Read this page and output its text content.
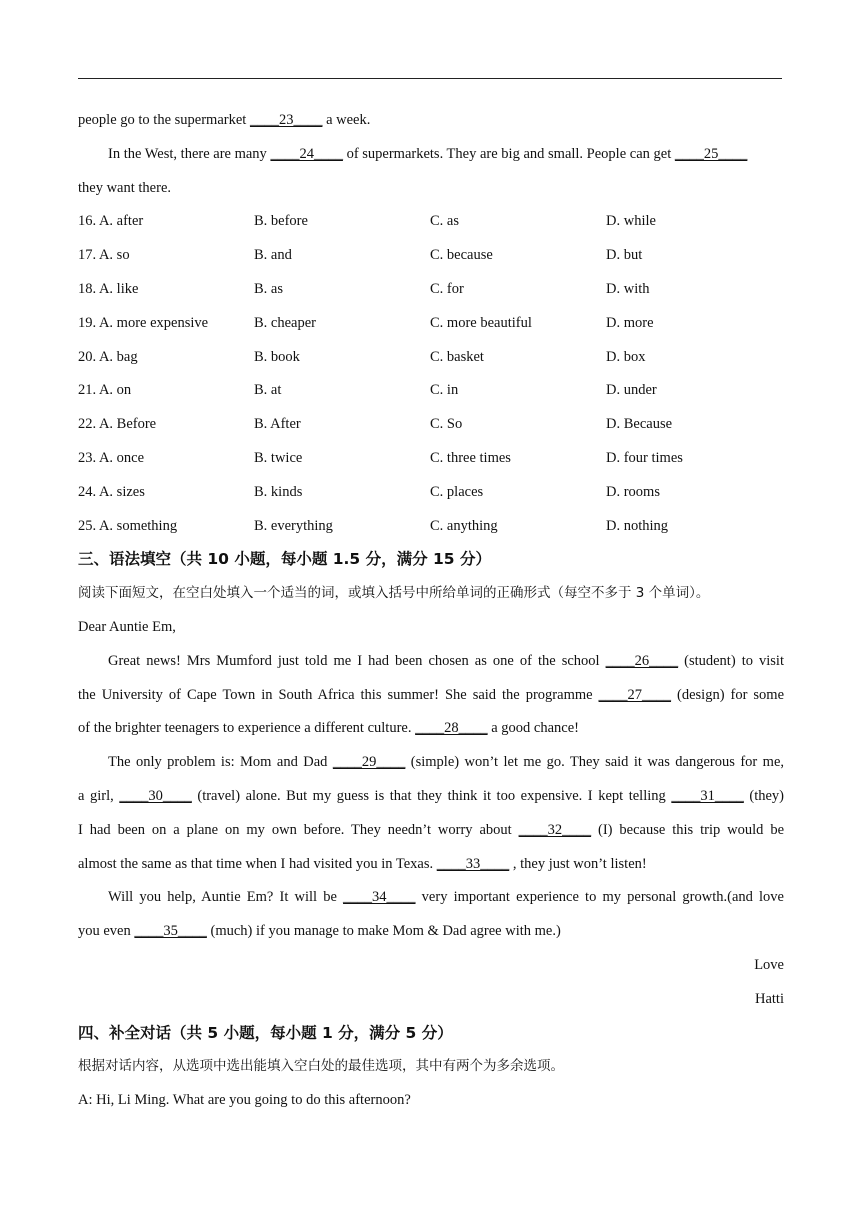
people go to the supermarket ____23____ a week.
In the West, there are many ____24____ of supermarkets. They are big and small. People can get ____25____
they want there.
16. A. after	B. before	C. as	D. while
17. A. so	B. and	C. because	D. but
18. A. like	B. as	C. for	D. with
19. A. more expensive	B. cheaper	C. more beautiful	D. more
20. A. bag	B. book	C. basket	D. box
21. A. on	B. at	C. in	D. under
22. A. Before	B. After	C. So	D. Because
23. A. once	B. twice	C. three times	D. four times
24. A. sizes	B. kinds	C. places	D. rooms
25. A. something	B. everything	C. anything	D. nothing
三、语法填空（共 10 小题，每小题 1.5 分，满分 15 分）
阅读下面短文，在空白处填入一个适当的词，或填入括号中所给单词的正确形式（每空不多于 3 个单词）。
Dear Auntie Em,
Great news! Mrs Mumford just told me I had been chosen as one of the school ____26____ (student) to visit
the University of Cape Town in South Africa this summer! She said the programme ____27____ (design) for some
of the brighter teenagers to experience a different culture. ____28____ a good chance!
The only problem is: Mom and Dad ____29____ (simple) won’t let me go. They said it was dangerous for me,
a girl, ____30____ (travel) alone. But my guess is that they think it too expensive. I kept telling ____31____ (they)
I had been on a plane on my own before. They needn’t worry about ____32____ (I) because this trip would be
almost the same as that time when I had visited you in Texas. ____33____ , they just won’t listen!
Will you help, Auntie Em? It will be ____34____ very important experience to my personal growth.(and love
you even ____35____ (much) if you manage to make Mom & Dad agree with me.)
Love
Hatti
四、补全对话（共 5 小题，每小题 1 分，满分 5 分）
根据对话内容，从选项中选出能填入空白处的最佳选项，其中有两个为多余选项。
A: Hi, Li Ming. What are you going to do this afternoon?
